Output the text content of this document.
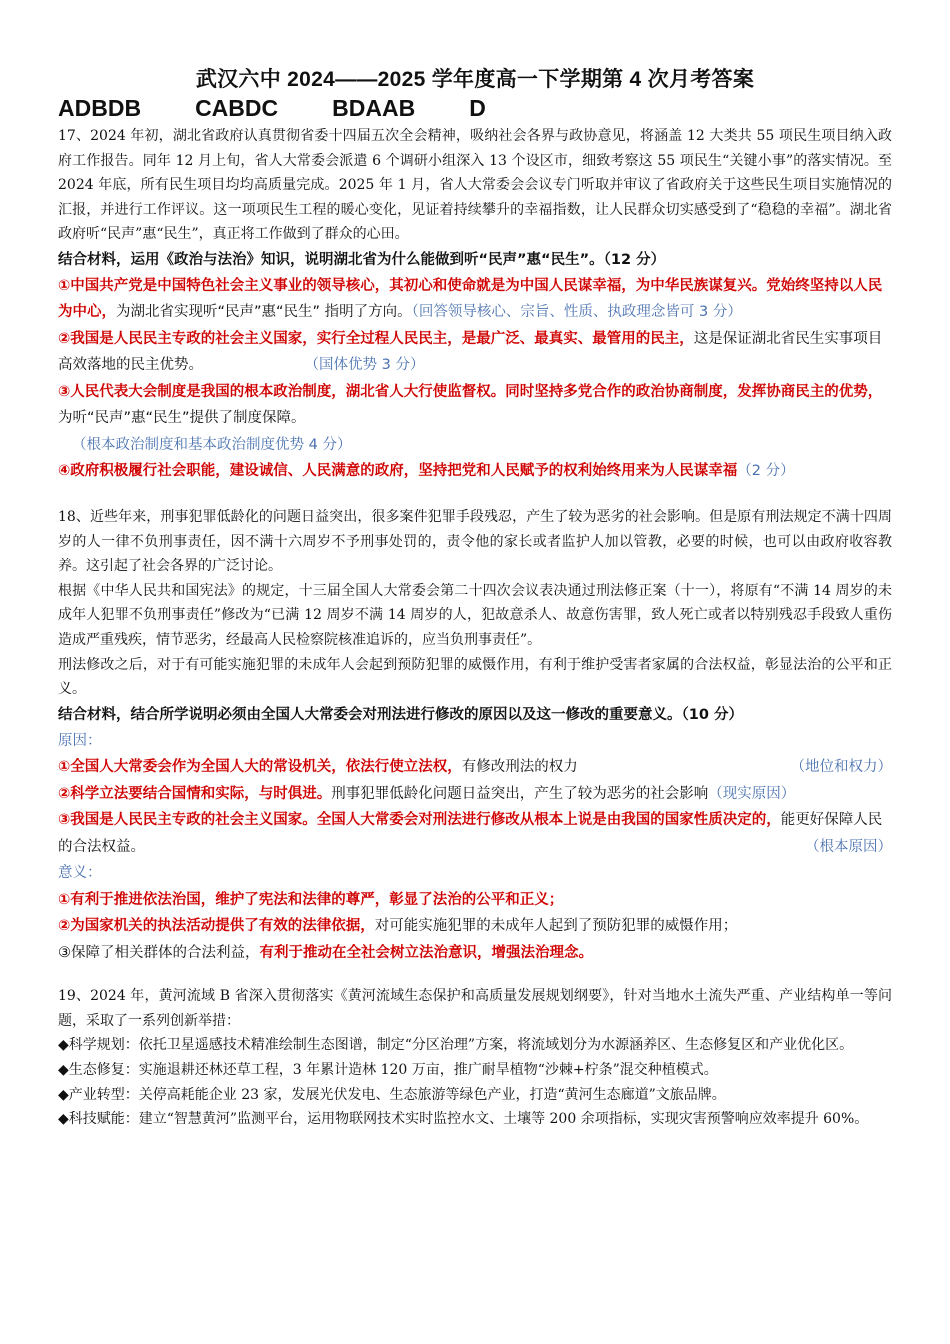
武汉六中 2024——2025 学年度高一下学期第 4 次月考答案
ADBDB CABDC BDAAB D

17、2024 年初，湖北省政府认真贯彻省委十四届五次全会精神，吸纳社会各界与政协意见，将涵盖 12 大类共 55 项民生项目纳入政府工作报告。同年 12 月上旬，省人大常委会派遣 6 个调研小组深入 13 个设区市，细致考察这 55 项民生“关键小事”的落实情况。至 2024 年底，所有民生项目均均高质量完成。2025 年 1 月，省人大常委会会议专门听取并审议了省政府关于这些民生项目实施情况的汇报，并进行工作评议。这一项项民生工程的暖心变化，见证着持续攀升的幸福指数，让人民群众切实感受到了“稳稳的幸福”。湖北省政府听“民声”惠“民生”，真正将工作做到了群众的心田。

结合材料，运用《政治与法治》知识，说明湖北省为什么能做到听“民声”惠“民生”。（12 分）

①中国共产党是中国特色社会主义事业的领导核心，其初心和使命就是为中国人民谋幸福，为中华民族谋复兴。党始终坚持以人民为中心，为湖北省实现听“民声”惠“民生” 指明了方向。（回答领导核心、宗旨、性质、执政理念皆可 3 分）

②我国是人民民主专政的社会主义国家，实行全过程人民民主，是最广泛、最真实、最管用的民主，这是保证湖北省民生实事项目高效落地的民主优势。       	（国体优势 3 分）

③人民代表大会制度是我国的根本政治制度，湖北省人大行使监督权。同时坚持多党合作的政治协商制度，发挥协商民主的优势，为听“民声”惠“民生”提供了制度保障。

（根本政治制度和基本政治制度优势 4 分）

④政府积极履行社会职能，建设诚信、人民满意的政府，坚持把党和人民赋予的权利始终用来为人民谋幸福（2 分）

18、近些年来，刑事犯罪低龄化的问题日益突出，很多案件犯罪手段残忍，产生了较为恶劣的社会影响。但是原有刑法规定不满十四周岁的人一律不负刑事责任，因不满十六周岁不予刑事处罚的，责令他的家长或者监护人加以管教，必要的时候，也可以由政府收容教养。这引起了社会各界的广泛讨论。

根据《中华人民共和国宪法》的规定，十三届全国人大常委会第二十四次会议表决通过刑法修正案（十一），将原有“不满 14 周岁的未成年人犯罪不负刑事责任”修改为“已满 12 周岁不满 14 周岁的人，犯故意杀人、故意伤害罪，致人死亡或者以特别残忍手段致人重伤造成严重残疾，情节恶劣，经最高人民检察院核准追诉的，应当负刑事责任”。

刑法修改之后，对于有可能实施犯罪的未成年人会起到预防犯罪的威慑作用，有利于维护受害者家属的合法权益，彰显法治的公平和正义。

结合材料，结合所学说明必须由全国人大常委会对刑法进行修改的原因以及这一修改的重要意义。（10 分）

原因：

①全国人大常委会作为全国人大的常设机关，依法行使立法权，有修改刑法的权力	（地位和权力）

②科学立法要结合国情和实际，与时俱进。刑事犯罪低龄化问题日益突出，产生了较为恶劣的社会影响（现实原因）

③我国是人民民主专政的社会主义国家。全国人大常委会对刑法进行修改从根本上说是由我国的国家性质决定的，能更好保障人民的合法权益。	（根本原因）

意义：

①有利于推进依法治国，维护了宪法和法律的尊严，彰显了法治的公平和正义；

②为国家机关的执法活动提供了有效的法律依据，对可能实施犯罪的未成年人起到了预防犯罪的威慑作用；

③保障了相关群体的合法利益，有利于推动在全社会树立法治意识，增强法治理念。

19、2024 年，黄河流域 B 省深入贯彻落实《黄河流域生态保护和高质量发展规划纲要》，针对当地水土流失严重、产业结构单一等问题，采取了一系列创新举措：

◆科学规划：依托卫星遥感技术精准绘制生态图谱，制定“分区治理”方案，将流域划分为水源涵养区、生态修复区和产业优化区。

◆生态修复：实施退耕还林还草工程，3 年累计造林 120 万亩，推广耐旱植物“沙棘+柠条”混交种植模式。

◆产业转型：关停高耗能企业 23 家，发展光伏发电、生态旅游等绿色产业，打造“黄河生态廊道”文旅品牌。

◆科技赋能：建立“智慧黄河”监测平台，运用物联网技术实时监控水文、土壤等 200 余项指标，实现灾害预警响应效率提升 60%。
